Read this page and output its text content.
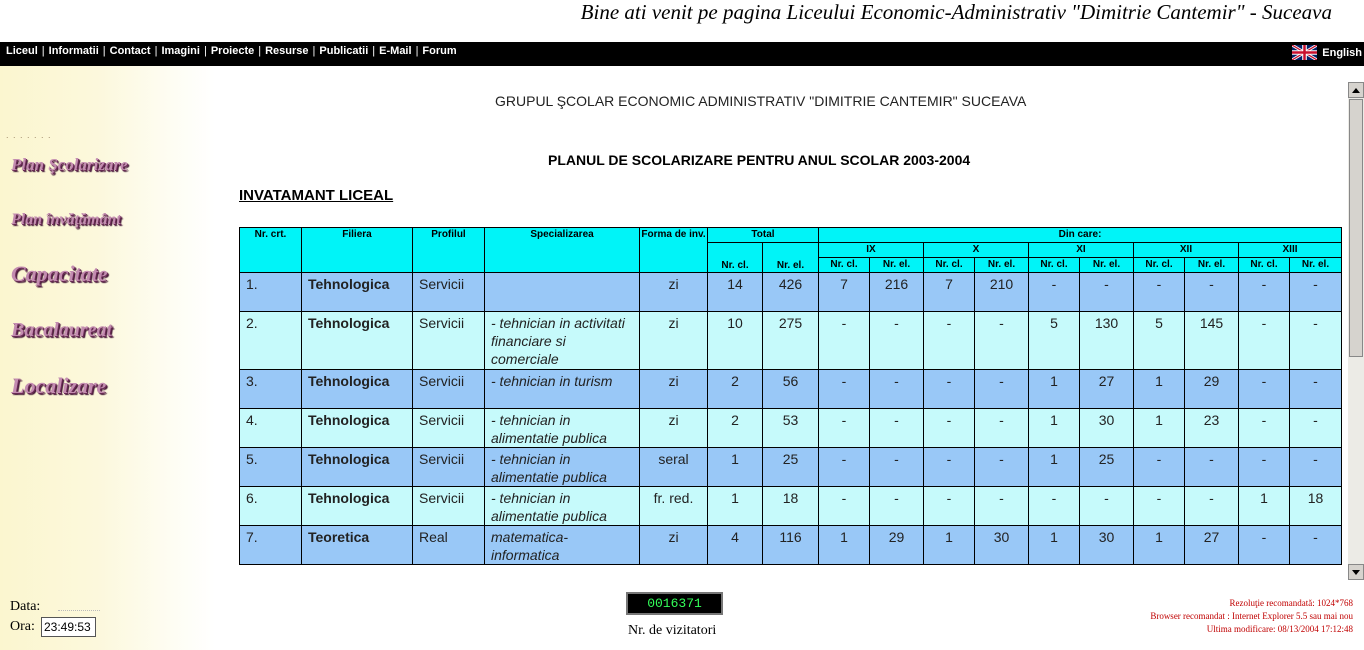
Bine ati venit pe pagina Liceului Economic-Administrativ "Dimitrie Cantemir" - Suceava
Liceul | Informatii | Contact | Imagini | Proiecte | Resurse | Publicatii | E-Mail | Forum	English
. . . . . . .
Plan Şcolarizare
Plan învăţământ
Capacitate
Bacalaureat
Localizare
Data:
Ora: 23:49:53
GRUPUL ŞCOLAR ECONOMIC ADMINISTRATIV "DIMITRIE CANTEMIR" SUCEAVA
PLANUL DE SCOLARIZARE PENTRU ANUL SCOLAR 2003-2004
INVATAMANT LICEAL
Nr. crt.	Filiera	Profilul	Specializarea	Forma de inv.	Total		Din care:									
					Nr. cl.	Nr. el.	IX		X		XI		XII		XIII	
							Nr. cl.	Nr. el.	Nr. cl.	Nr. el.	Nr. cl.	Nr. el.	Nr. cl.	Nr. el.	Nr. cl.	Nr. el.
1.	Tehnologica	Servicii		zi	14	426	7	216	7	210	-	-	-	-	-	-
2.	Tehnologica	Servicii	- tehnician in activitati financiare si comerciale	zi	10	275	-	-	-	-	5	130	5	145	-	-
3.	Tehnologica	Servicii	- tehnician in turism	zi	2	56	-	-	-	-	1	27	1	29	-	-
4.	Tehnologica	Servicii	- tehnician in alimentatie publica	zi	2	53	-	-	-	-	1	30	1	23	-	-
5.	Tehnologica	Servicii	- tehnician in alimentatie publica	seral	1	25	-	-	-	-	1	25	-	-	-	-
6.	Tehnologica	Servicii	- tehnician in alimentatie publica	fr. red.	1	18	-	-	-	-	-	-	-	-	1	18
7.	Teoretica	Real	matematica-informatica	zi	4	116	1	29	1	30	1	30	1	27	-	-
0016371
Nr. de vizitatori
Rezoluţie recomandată: 1024*768
Browser recomandat : Internet Explorer 5.5 sau mai nou
Ultima modificare: 08/13/2004 17:12:48
